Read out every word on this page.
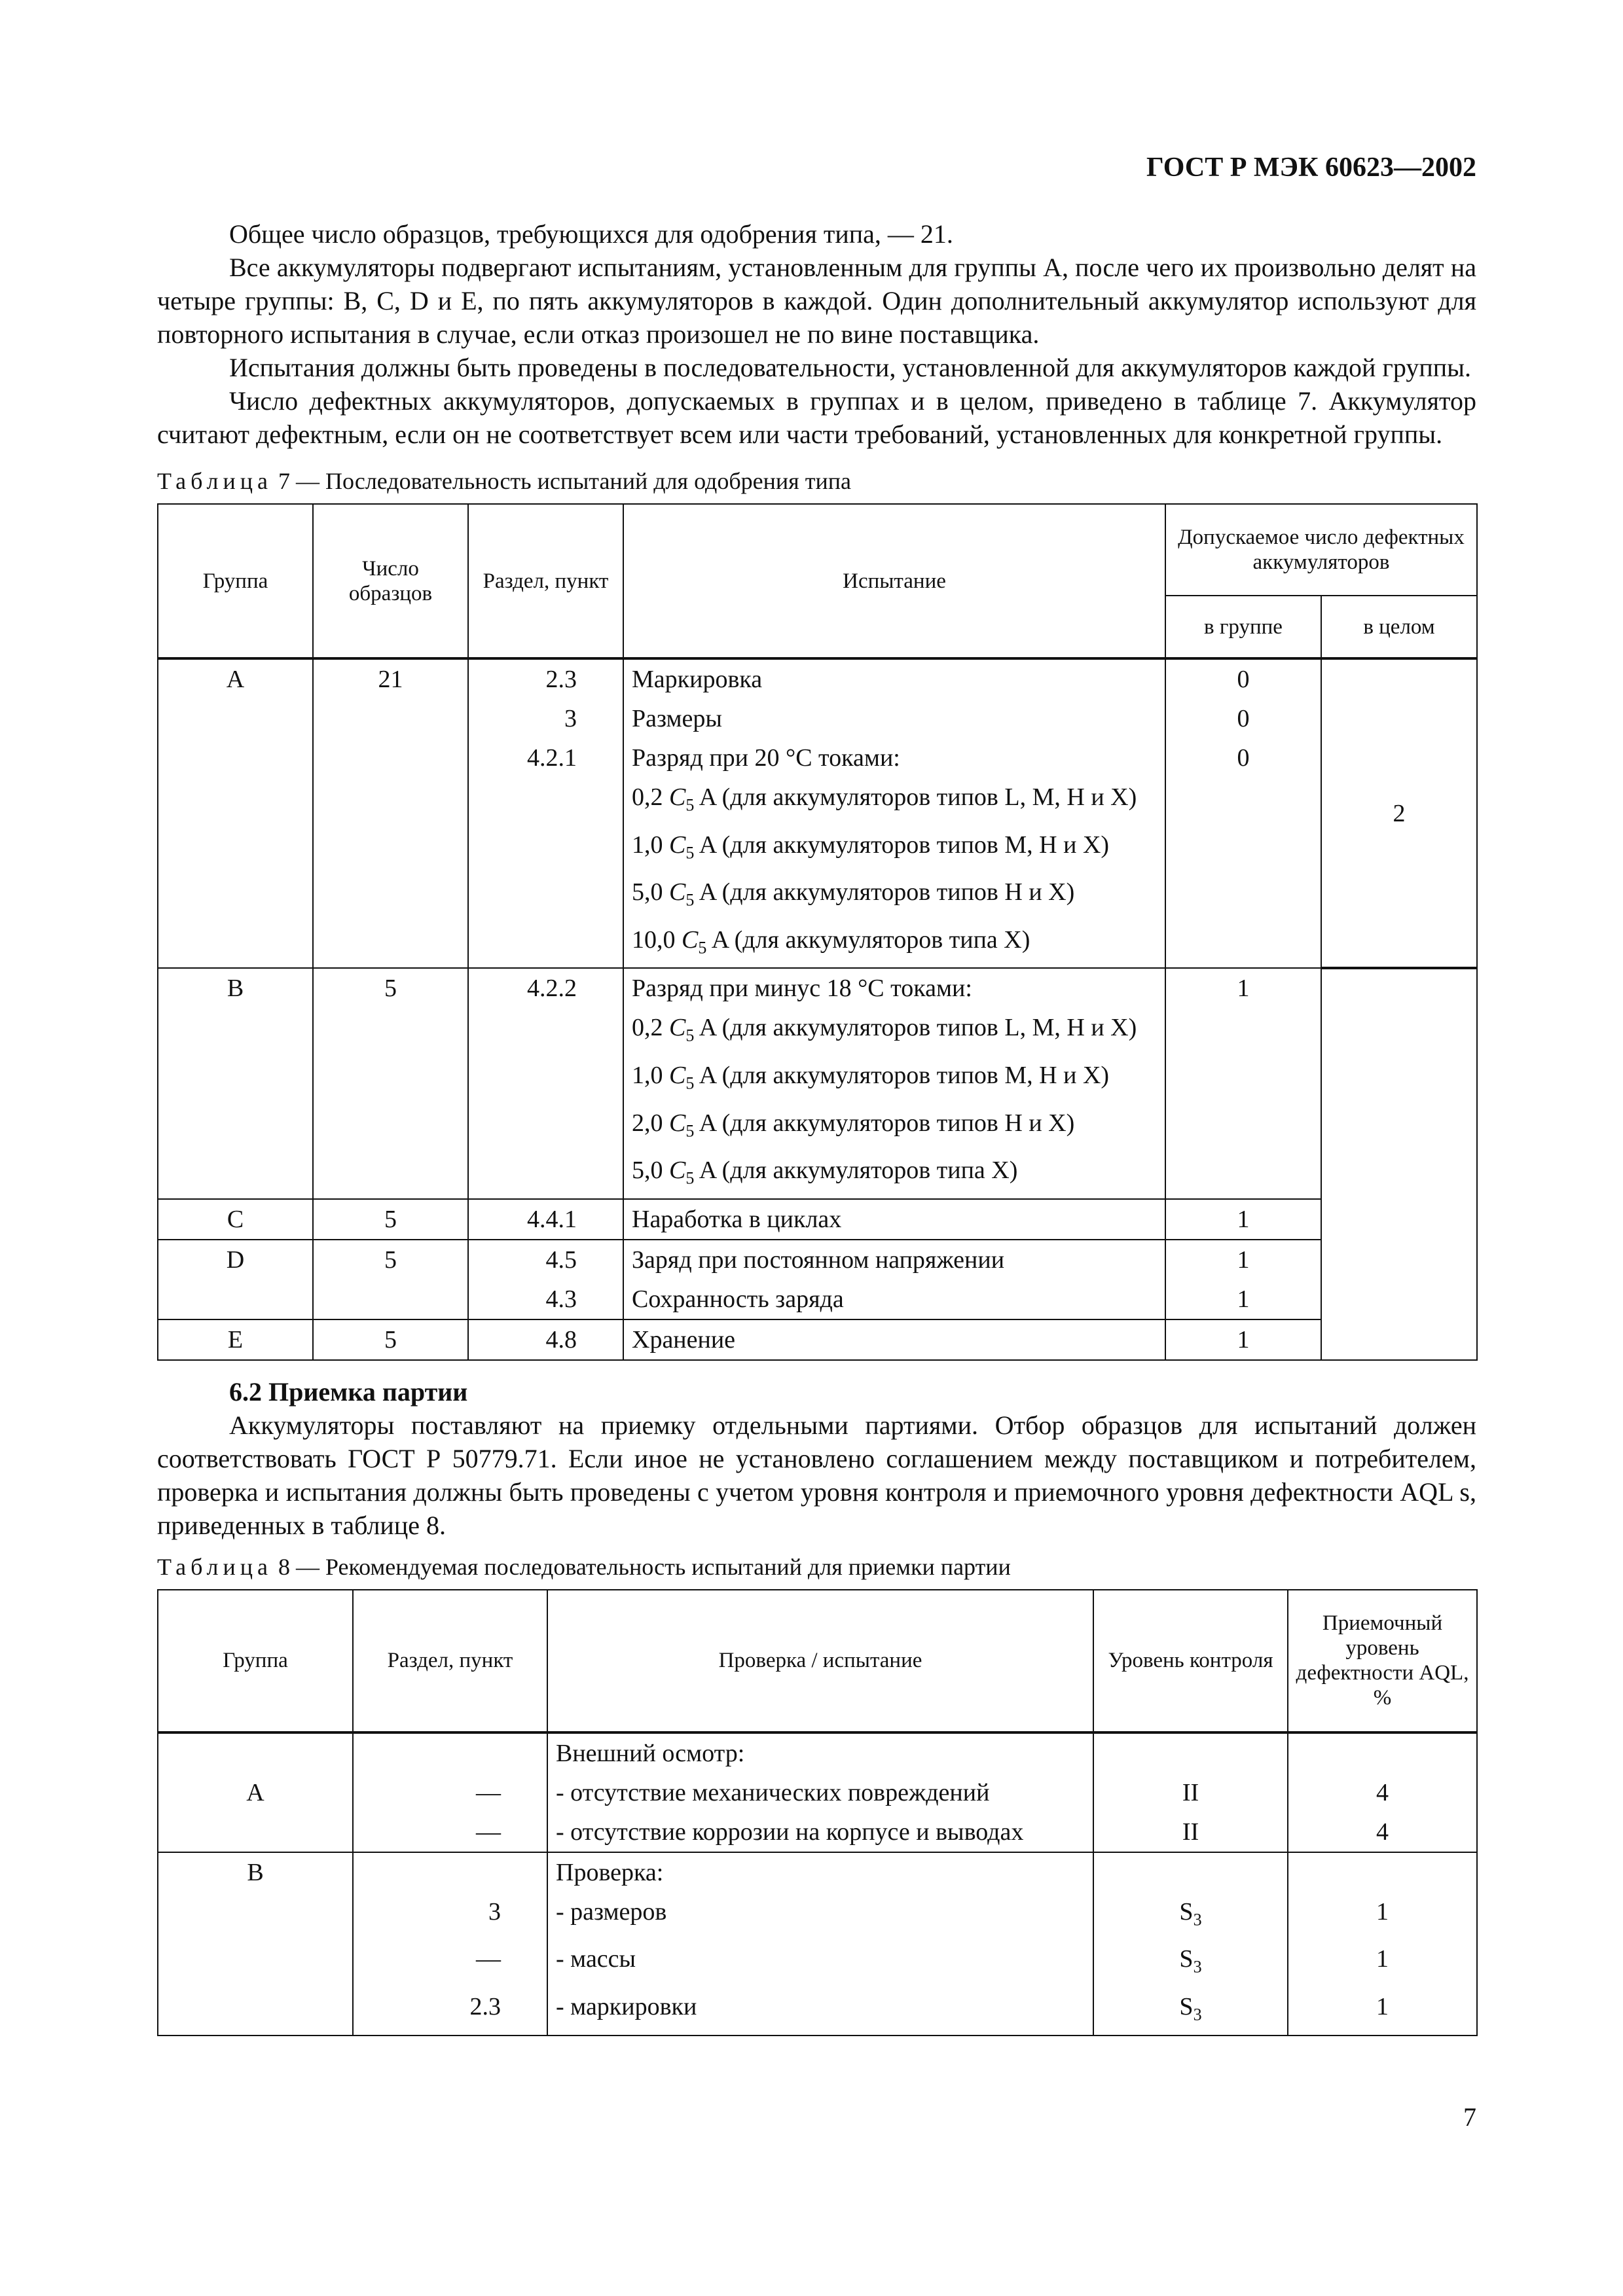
ГОСТ Р МЭК 60623—2002

Общее число образцов, требующихся для одобрения типа, — 21.

Все аккумуляторы подвергают испытаниям, установленным для группы А, после чего их произвольно делят на четыре группы: В, С, D и Е, по пять аккумуляторов в каждой. Один дополнительный аккумулятор используют для повторного испытания в случае, если отказ произошел не по вине поставщика.

Испытания должны быть проведены в последовательности, установленной для аккумуляторов каждой группы.

Число дефектных аккумуляторов, допускаемых в группах и в целом, приведено в таблице 7. Аккумулятор считают дефектным, если он не соответствует всем или части требований, установленных для конкретной группы.

Таблица 7 — Последовательность испытаний для одобрения типа
Группа	Число образцов	Раздел, пункт	Испытание	Допускаемое число дефектных аккумуляторов	
				в группе	в целом
A	21	2.3	Маркировка	0	2
		3	Размеры	0	
		4.2.1	Разряд при 20 °С токами:	0	
			0,2 $C_5$ A (для аккумуляторов типов L, M, H и X)		
			1,0 $C_5$ A (для аккумуляторов типов M, H и X)		
			5,0 $C_5$ A (для аккумуляторов типов H и X)		
			10,0 $C_5$ A (для аккумуляторов типа X)		
B	5	4.2.2	Разряд при минус 18 °С токами:	1	
			0,2 $C_5$ A (для аккумуляторов типов L, M, H и X)		
			1,0 $C_5$ A (для аккумуляторов типов M, H и X)		
			2,0 $C_5$ A (для аккумуляторов типов H и X)		
			5,0 $C_5$ A (для аккумуляторов типа X)		
C	5	4.4.1	Наработка в циклах	1	
D	5	4.5	Заряд при постоянном напряжении	1	
		4.3	Сохранность заряда	1	
E	5	4.8	Хранение	1	
6.2 Приемка партии

Аккумуляторы поставляют на приемку отдельными партиями. Отбор образцов для испытаний должен соответствовать ГОСТ Р 50779.71. Если иное не установлено соглашением между поставщиком и потребителем, проверка и испытания должны быть проведены с учетом уровня контроля и приемочного уровня дефектности AQL s, приведенных в таблице 8.

Таблица 8 — Рекомендуемая последовательность испытаний для приемки партии
Группа	Раздел, пункт	Проверка / испытание	Уровень контроля	Приемочный уровень дефектности AQL, %
		Внешний осмотр:		
А	—	- отсутствие механических повреждений	II	4
	—	- отсутствие коррозии на корпусе и выводах	II	4
В		Проверка:		
	3	- размеров	$S_3$	1
	—	- массы	$S_3$	1
	2.3	- маркировки	$S_3$	1
7
